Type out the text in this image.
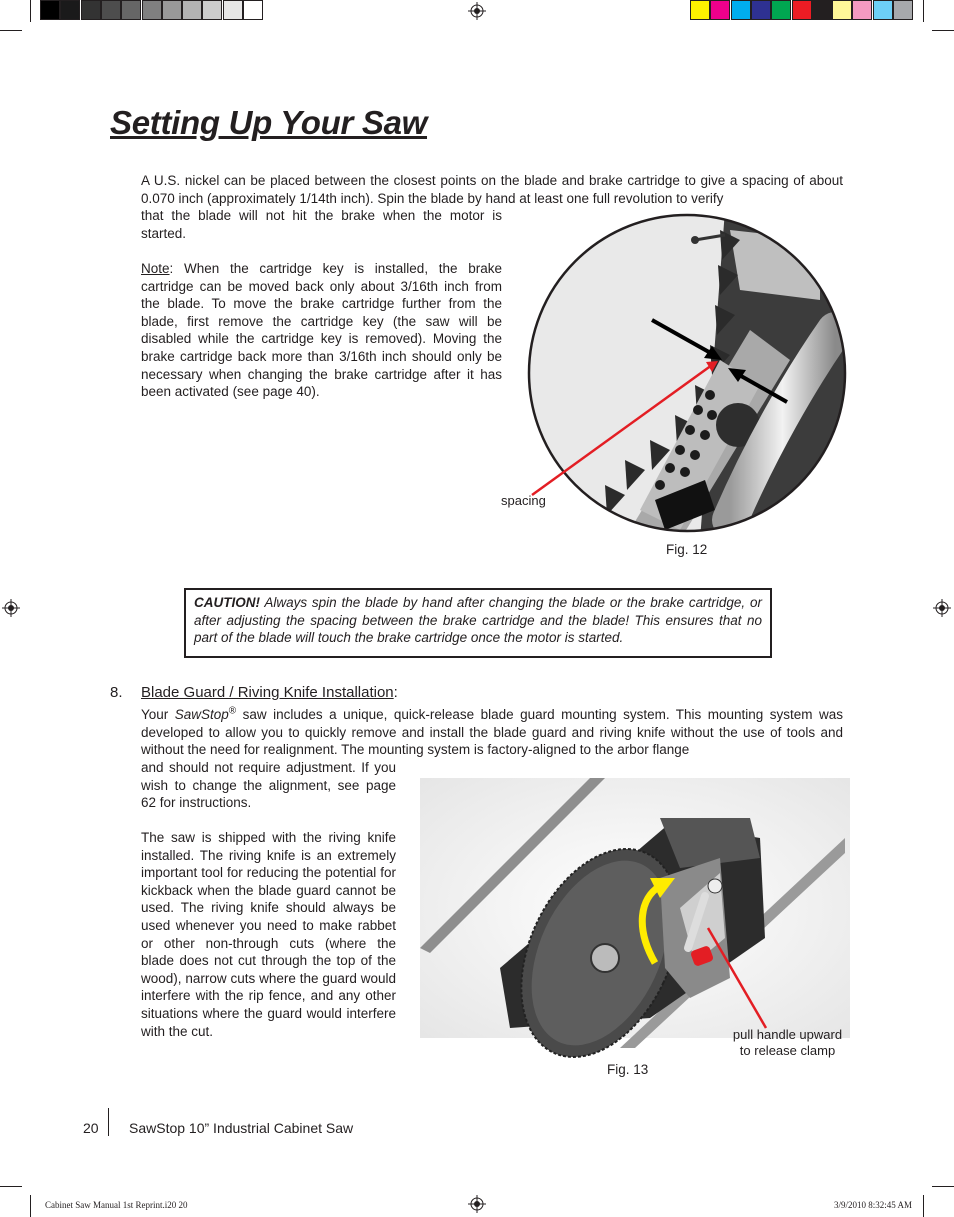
Setting Up Your Saw
A U.S. nickel can be placed between the closest points on the blade and brake cartridge to give a spacing of about 0.070 inch (approximately 1/14th inch). Spin the blade by hand at least one full revolution to verify
that the blade will not hit the brake when the motor is started.
Note: When the cartridge key is installed, the brake cartridge can be moved back only about 3/16th inch from the blade. To move the brake cartridge further from the blade, first remove the cartridge key (the saw will be disabled while the cartridge key is removed). Moving the brake cartridge back more than 3/16th inch should only be necessary when changing the brake cartridge after it has been activated (see page 40).
spacing
Fig. 12
CAUTION! Always spin the blade by hand after changing the blade or the brake cartridge, or after adjusting the spacing between the brake cartridge and the blade! This ensures that no part of the blade will touch the brake cartridge once the motor is started.
8. Blade Guard / Riving Knife Installation:
Your SawStop® saw includes a unique, quick-release blade guard mounting system. This mounting system was developed to allow you to quickly remove and install the blade guard and riving knife without the use of tools and without the need for realignment. The mounting system is factory-aligned to the arbor flange
and should not require adjustment. If you wish to change the alignment, see page 62 for instructions.
The saw is shipped with the riving knife installed. The riving knife is an extremely important tool for reducing the potential for kickback when the blade guard cannot be used. The riving knife should always be used whenever you need to make rabbet or other non-through cuts (where the blade does not cut through the top of the wood), narrow cuts where the guard would interfere with the rip fence, and any other situations where the guard would interfere with the cut.	pull handle upward
to release clamp
Fig. 13
20 SawStop 10” Industrial Cabinet Saw
Cabinet Saw Manual 1st Reprint.i20 20	3/9/2010 8:32:45 AM
